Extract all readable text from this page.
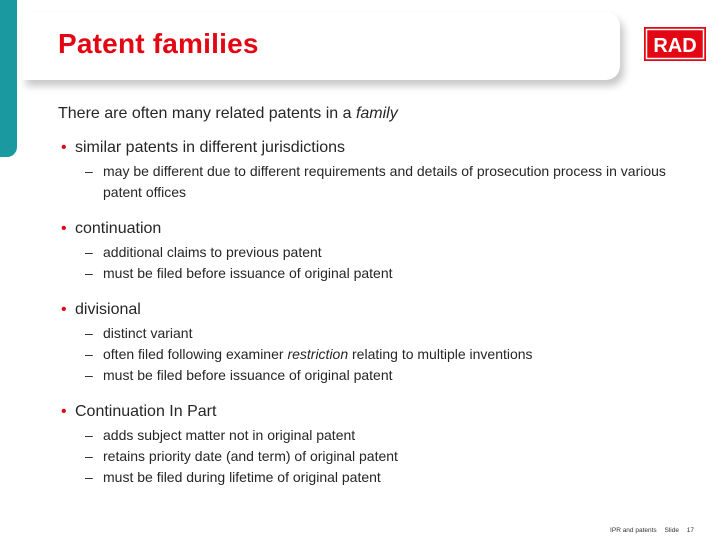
Patent families	RAD

There are often many related patents in a family

• similar patents in different jurisdictions
– may be different due to different requirements and details of prosecution process in various patent offices
• continuation
– additional claims to previous patent
– must be filed before issuance of original patent
• divisional
– distinct variant
– often filed following examiner restriction relating to multiple inventions
– must be filed before issuance of original patent
• Continuation In Part
– adds subject matter not in original patent
– retains priority date (and term) of original patent
– must be filed during lifetime of original patent
IPR and patents Slide 17
